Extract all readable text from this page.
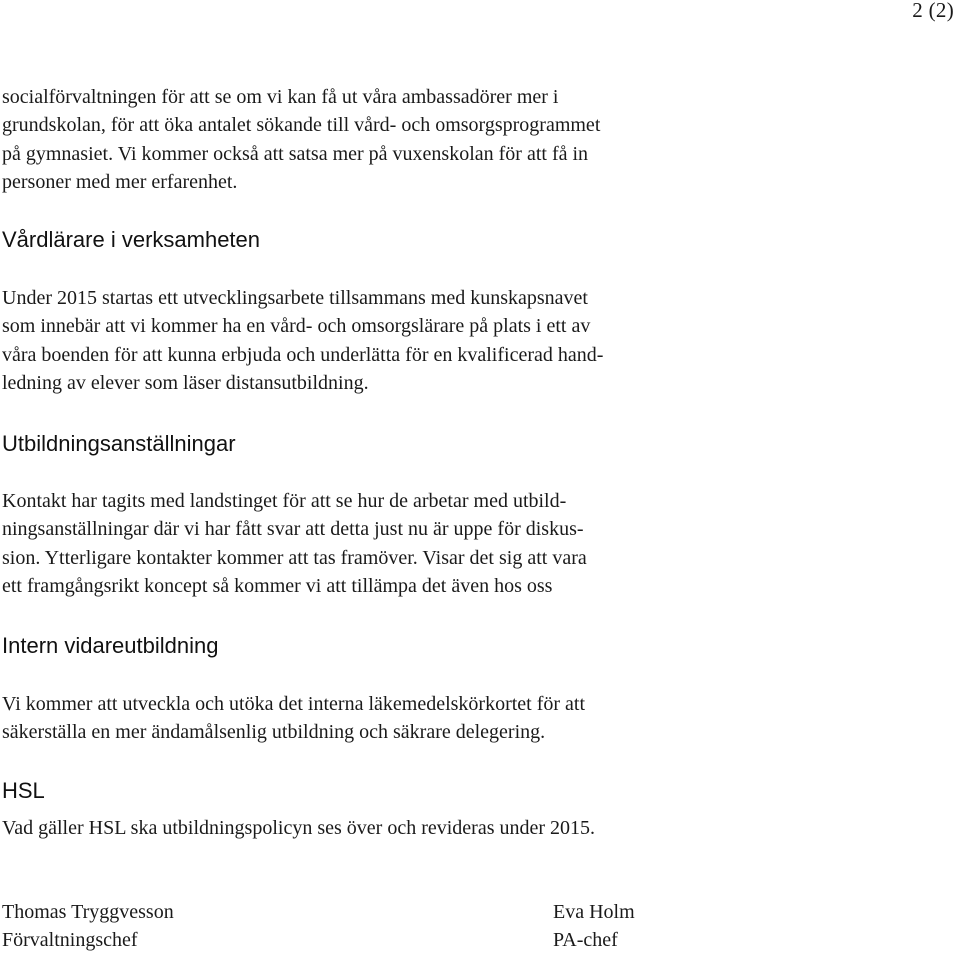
2 (2)

socialförvaltningen för att se om vi kan få ut våra ambassadörer mer i
grundskolan, för att öka antalet sökande till vård- och omsorgsprogrammet
på gymnasiet. Vi kommer också att satsa mer på vuxenskolan för att få in
personer med mer erfarenhet.

Vårdlärare i verksamheten

Under 2015 startas ett utvecklingsarbete tillsammans med kunskapsnavet
som innebär att vi kommer ha en vård- och omsorgslärare på plats i ett av
våra boenden för att kunna erbjuda och underlätta för en kvalificerad hand-
ledning av elever som läser distansutbildning.

Utbildningsanställningar

Kontakt har tagits med landstinget för att se hur de arbetar med utbild-
ningsanställningar där vi har fått svar att detta just nu är uppe för diskus-
sion. Ytterligare kontakter kommer att tas framöver. Visar det sig att vara
ett framgångsrikt koncept så kommer vi att tillämpa det även hos oss

Intern vidareutbildning

Vi kommer att utveckla och utöka det interna läkemedelskörkortet för att
säkerställa en mer ändamålsenlig utbildning och säkrare delegering.

HSL

Vad gäller HSL ska utbildningspolicyn ses över och revideras under 2015.

Thomas Tryggvesson
Förvaltningschef
Eva Holm
PA-chef
